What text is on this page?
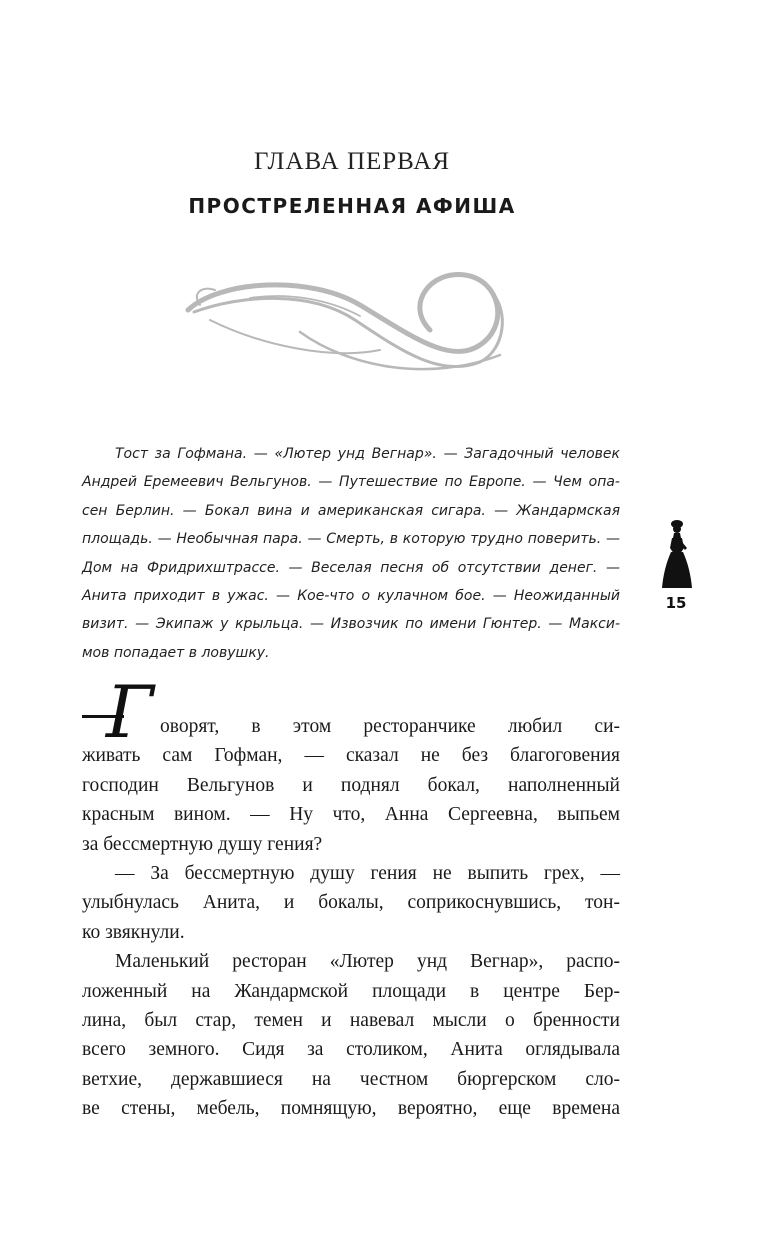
ГЛАВА ПЕРВАЯ
ПРОСТРЕЛЕННАЯ АФИША
Тост за Гофмана. — «Лютер унд Вегнар». — Загадочный человек
Андрей Еремеевич Вельгунов. — Путешествие по Европе. — Чем опа-
сен Берлин. — Бокал вина и американская сигара. — Жандармская
площадь. — Необычная пара. — Смерть, в которую трудно поверить. —
Дом на Фридрихштрассе. — Веселая песня об отсутствии денег. —
Анита приходит в ужас. — Кое-что о кулачном бое. — Неожиданный
визит. — Экипаж у крыльца. — Извозчик по имени Гюнтер. — Макси-
мов попадает в ловушку.
15
Г оворят, в этом ресторанчике любил си-
живать сам Гофман, — сказал не без благоговения
господин Вельгунов и поднял бокал, наполненный
красным вином. — Ну что, Анна Сергеевна, выпьем
за бессмертную душу гения?
— За бессмертную душу гения не выпить грех, —
улыбнулась Анита, и бокалы, соприкоснувшись, тон-
ко звякнули.
Маленький ресторан «Лютер унд Вегнар», распо-
ложенный на Жандармской площади в центре Бер-
лина, был стар, темен и навевал мысли о бренности
всего земного. Сидя за столиком, Анита оглядывала
ветхие, державшиеся на честном бюргерском сло-
ве стены, мебель, помнящую, вероятно, еще времена
